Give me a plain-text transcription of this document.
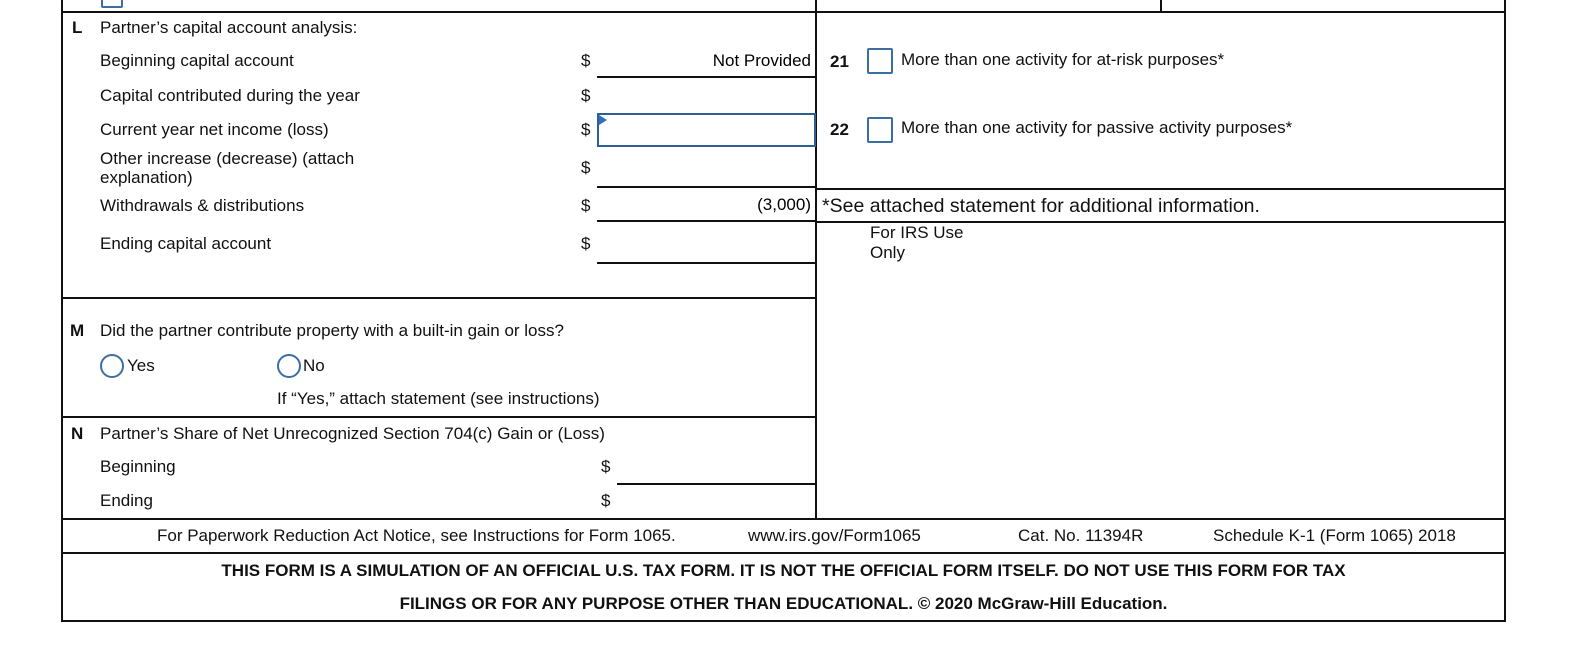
L Partner’s capital account analysis:
Beginning capital account	$
Not Provided
Capital contributed during the year	$
Current year net income (loss)	$
Other increase (decrease) (attach
explanation)
$
Withdrawals & distributions	$
(3,000)
Ending capital account	$
21	More than one activity for at-risk purposes*
22	More than one activity for passive activity purposes*
*See attached statement for additional information.
For IRS Use
Only
M Did the partner contribute property with a built-in gain or loss?
Yes	No
If “Yes,” attach statement (see instructions)
N Partner’s Share of Net Unrecognized Section 704(c) Gain or (Loss)
Beginning	$
Ending	$
For Paperwork Reduction Act Notice, see Instructions for Form 1065.	www.irs.gov/Form1065	Cat. No. 11394R	Schedule K-1 (Form 1065) 2018
THIS FORM IS A SIMULATION OF AN OFFICIAL U.S. TAX FORM. IT IS NOT THE OFFICIAL FORM ITSELF. DO NOT USE THIS FORM FOR TAX
FILINGS OR FOR ANY PURPOSE OTHER THAN EDUCATIONAL. © 2020 McGraw-Hill Education.
